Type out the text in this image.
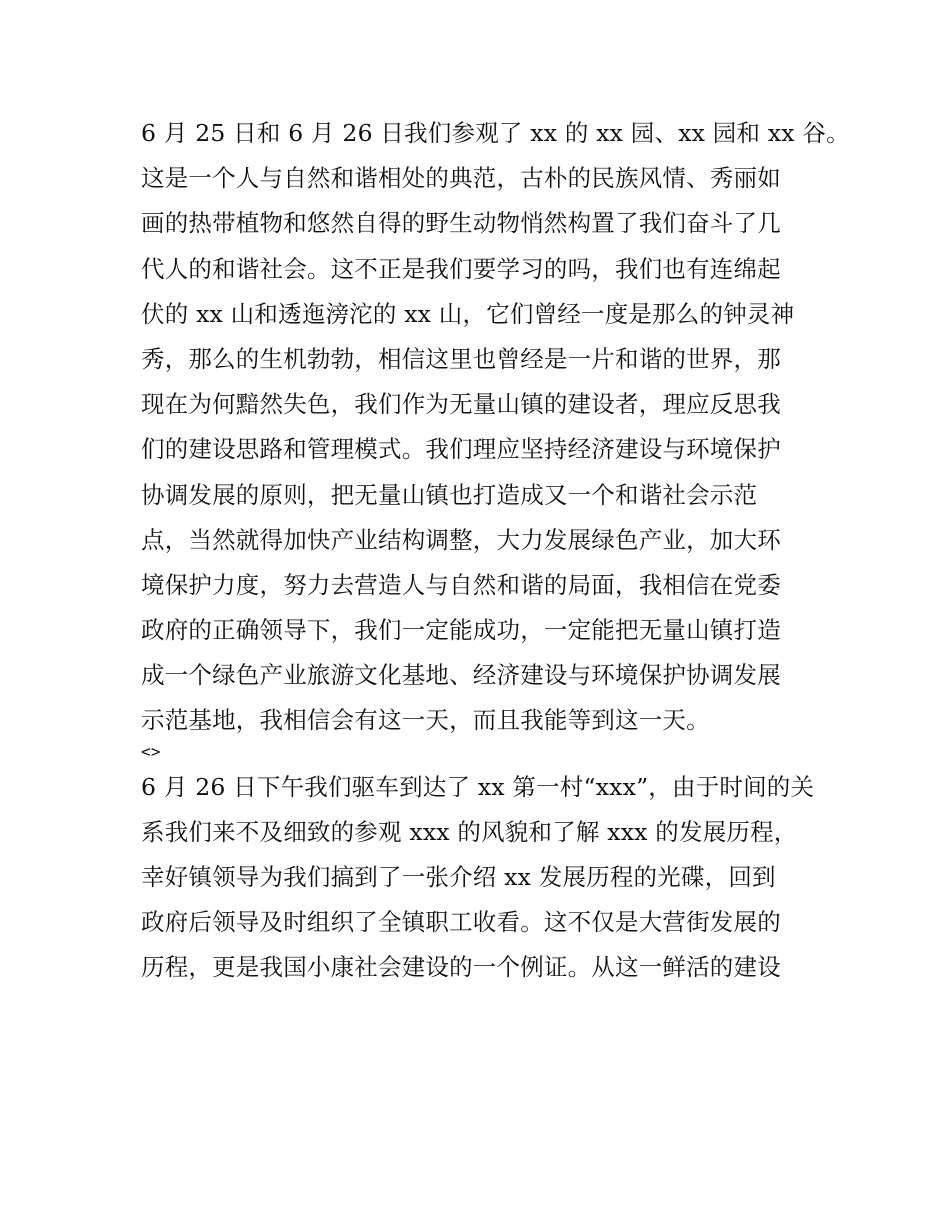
6 月 25 日和 6 月 26 日我们参观了 xx 的 xx 园、xx 园和 xx 谷。
这是一个人与自然和谐相处的典范，古朴的民族风情、秀丽如
画的热带植物和悠然自得的野生动物悄然构置了我们奋斗了几
代人的和谐社会。这不正是我们要学习的吗，我们也有连绵起
伏的 xx 山和透迤滂沱的 xx 山，它们曾经一度是那么的钟灵神
秀，那么的生机勃勃，相信这里也曾经是一片和谐的世界，那
现在为何黯然失色，我们作为无量山镇的建设者，理应反思我
们的建设思路和管理模式。我们理应坚持经济建设与环境保护
协调发展的原则，把无量山镇也打造成又一个和谐社会示范
点，当然就得加快产业结构调整，大力发展绿色产业，加大环
境保护力度，努力去营造人与自然和谐的局面，我相信在党委
政府的正确领导下，我们一定能成功，一定能把无量山镇打造
成一个绿色产业旅游文化基地、经济建设与环境保护协调发展
示范基地，我相信会有这一天，而且我能等到这一天。
<>
6 月 26 日下午我们驱车到达了 xx 第一村“xxx”，由于时间的关
系我们来不及细致的参观 xxx 的风貌和了解 xxx 的发展历程，
幸好镇领导为我们搞到了一张介绍 xx 发展历程的光碟，回到
政府后领导及时组织了全镇职工收看。这不仅是大营街发展的
历程，更是我国小康社会建设的一个例证。从这一鲜活的建设
